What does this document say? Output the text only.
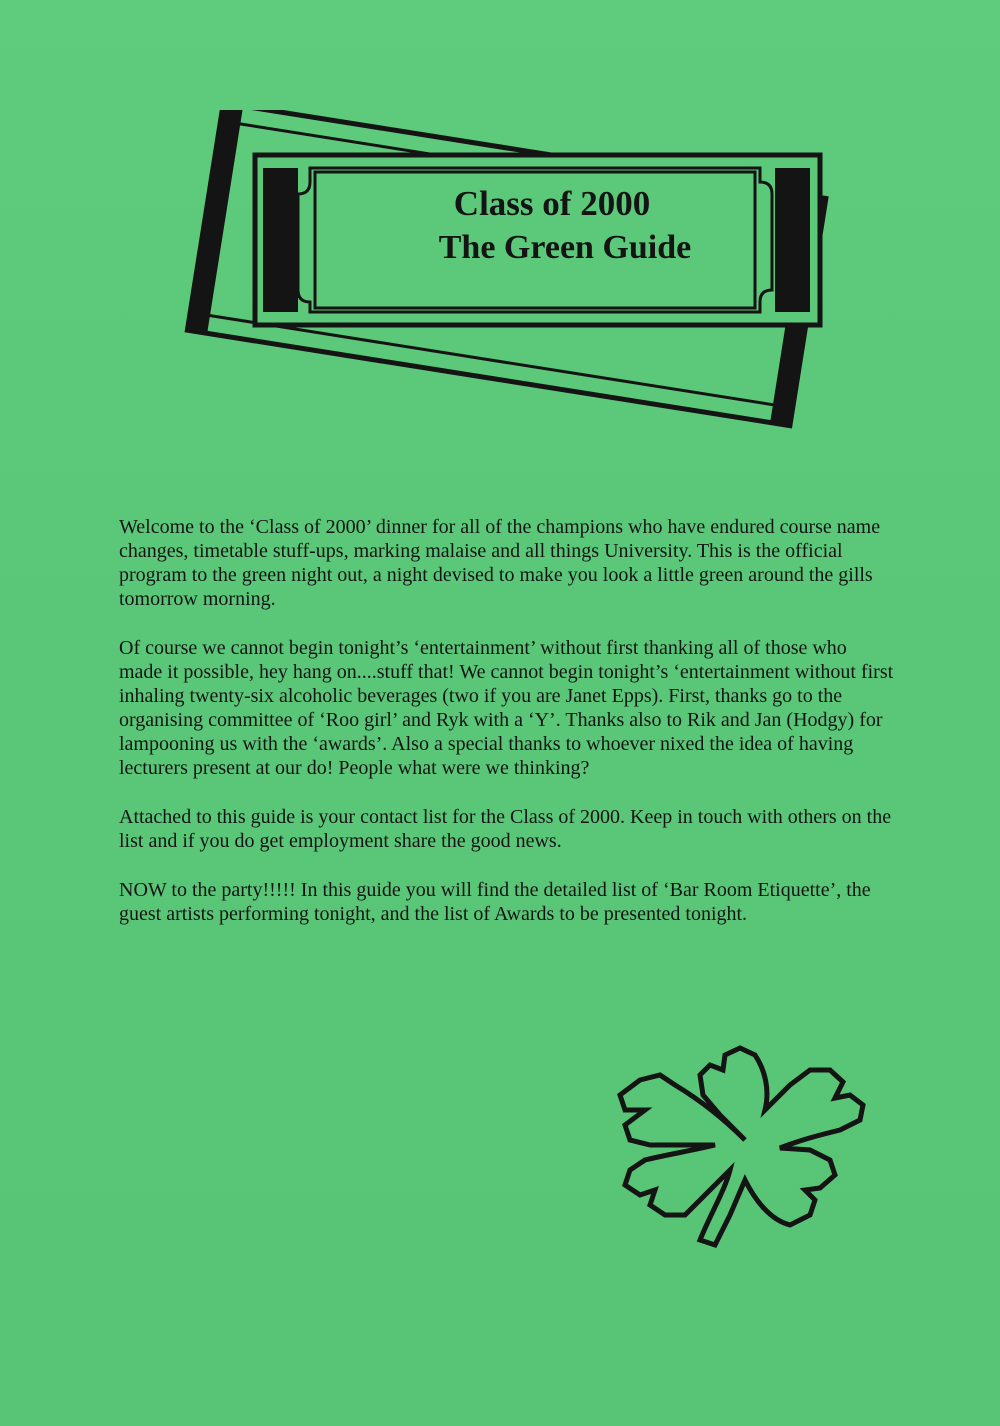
Class of 2000
The Green Guide

Welcome to the ‘Class of 2000’ dinner for all of the champions who have endured course name changes, timetable stuff-ups, marking malaise and all things University. This is the official program to the green night out, a night devised to make you look a little green around the gills tomorrow morning.

Of course we cannot begin tonight’s ‘entertainment’ without first thanking all of those who made it possible, hey hang on....stuff that! We cannot begin tonight’s ‘entertainment without first inhaling twenty-six alcoholic beverages (two if you are Janet Epps). First, thanks go to the organising committee of ‘Roo girl’ and Ryk with a ‘Y’. Thanks also to Rik and Jan (Hodgy) for lampooning us with the ‘awards’. Also a special thanks to whoever nixed the idea of having lecturers present at our do! People what were we thinking?

Attached to this guide is your contact list for the Class of 2000. Keep in touch with others on the list and if you do get employment share the good news.

NOW to the party!!!!! In this guide you will find the detailed list of ‘Bar Room Etiquette’, the guest artists performing tonight, and the list of Awards to be presented tonight.
